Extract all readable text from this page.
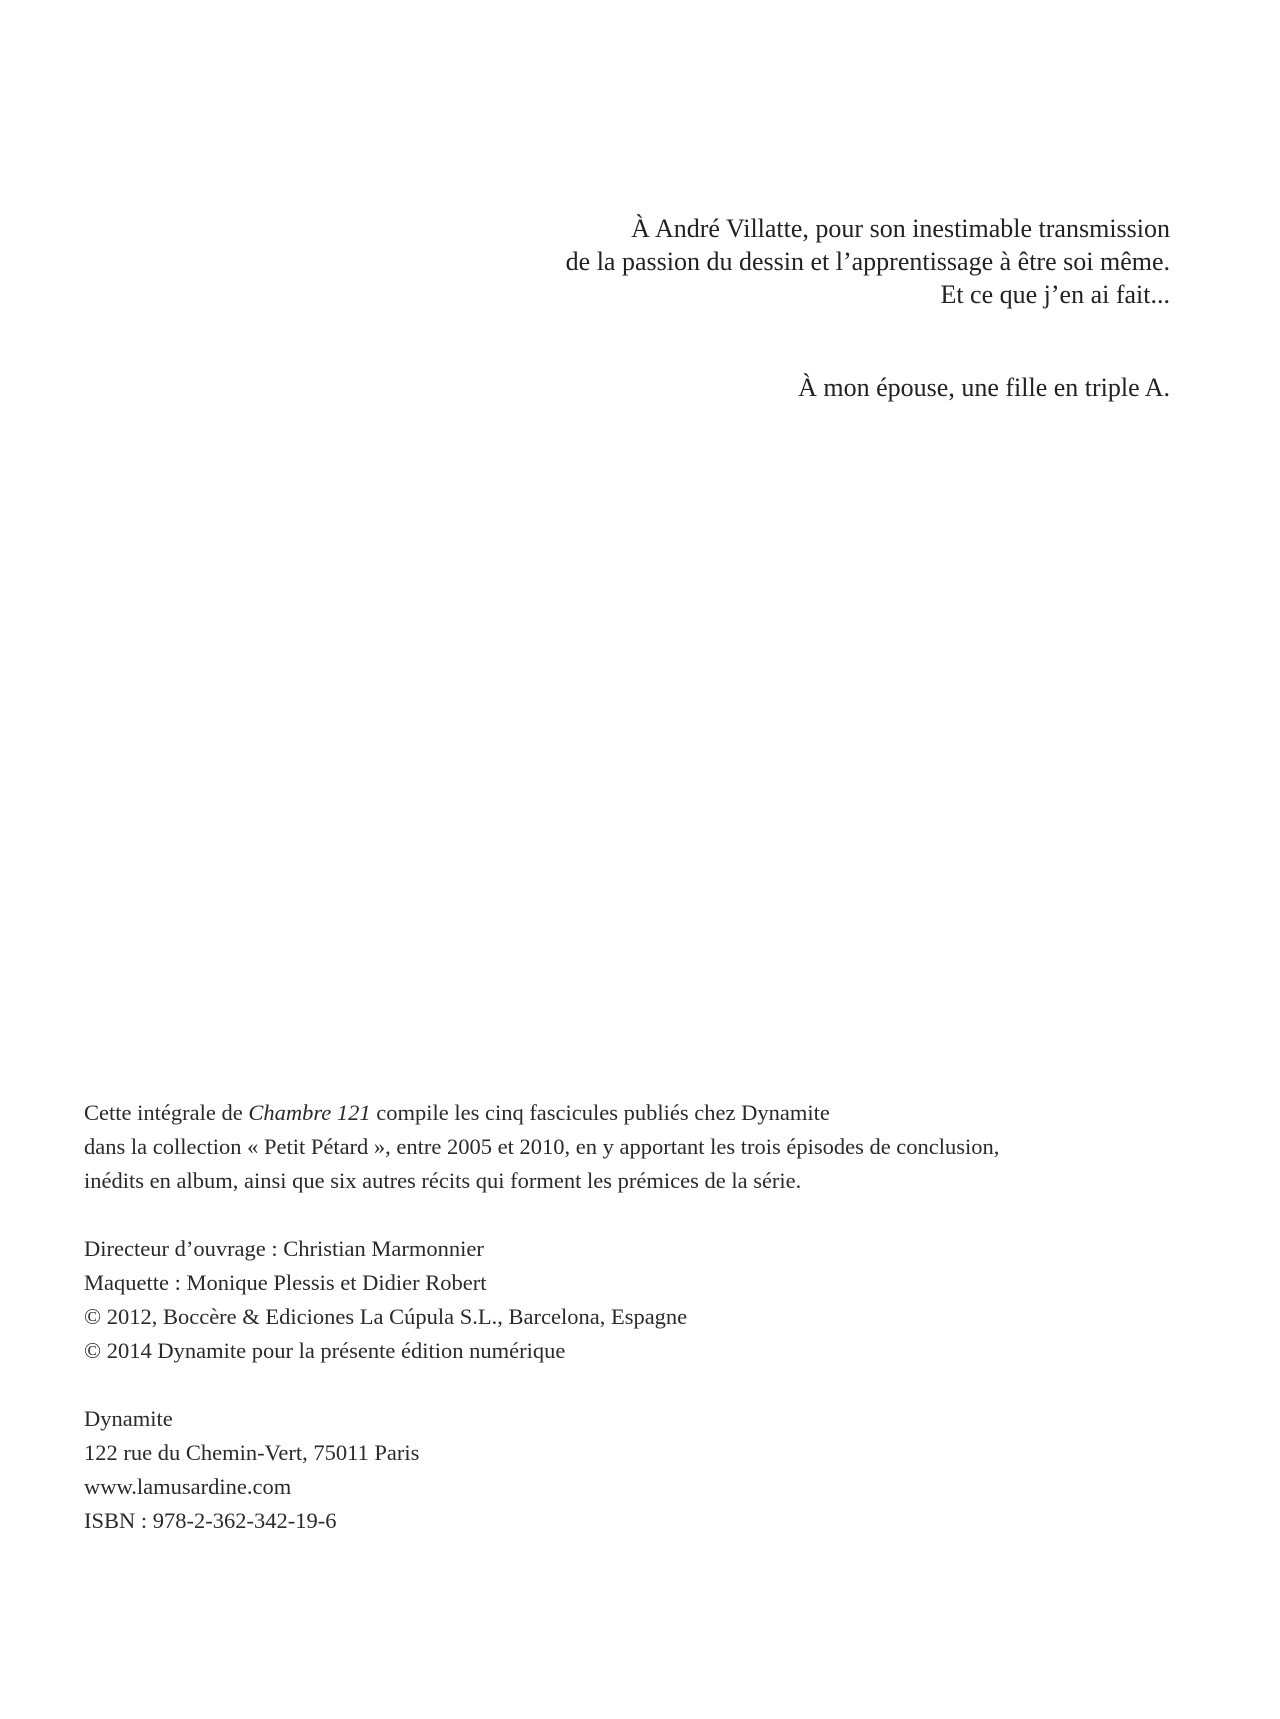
À André Villatte, pour son inestimable transmission
de la passion du dessin et l’apprentissage à être soi même.
Et ce que j’en ai fait...
À mon épouse, une fille en triple A.
Cette intégrale de Chambre 121 compile les cinq fascicules publiés chez Dynamite
dans la collection « Petit Pétard », entre 2005 et 2010, en y apportant les trois épisodes de conclusion,
inédits en album, ainsi que six autres récits qui forment les prémices de la série.
Directeur d’ouvrage : Christian Marmonnier
Maquette : Monique Plessis et Didier Robert
© 2012, Boccère & Ediciones La Cúpula S.L., Barcelona, Espagne
© 2014 Dynamite pour la présente édition numérique
Dynamite
122 rue du Chemin-Vert, 75011 Paris
www.lamusardine.com
ISBN : 978-2-362-342-19-6
